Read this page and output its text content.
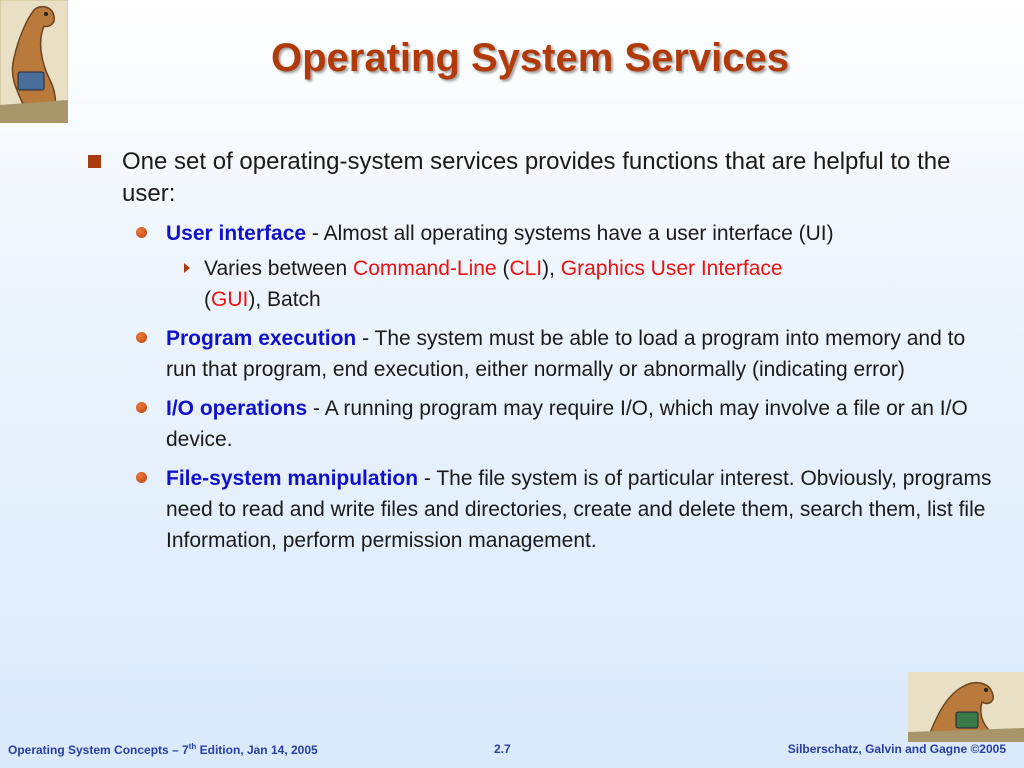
Operating System Services
One set of operating-system services provides functions that are helpful to the user:
User interface - Almost all operating systems have a user interface (UI)
Varies between Command-Line (CLI), Graphics User Interface
(GUI), Batch
Program execution - The system must be able to load a program into memory and to run that program, end execution, either normally or abnormally (indicating error)
I/O operations - A running program may require I/O, which may involve a file or an I/O device.
File-system manipulation - The file system is of particular interest. Obviously, programs need to read and write files and directories, create and delete them, search them, list file Information, perform permission management.
Operating System Concepts – 7th Edition, Jan 14, 2005	2.7	Silberschatz, Galvin and Gagne ©2005
